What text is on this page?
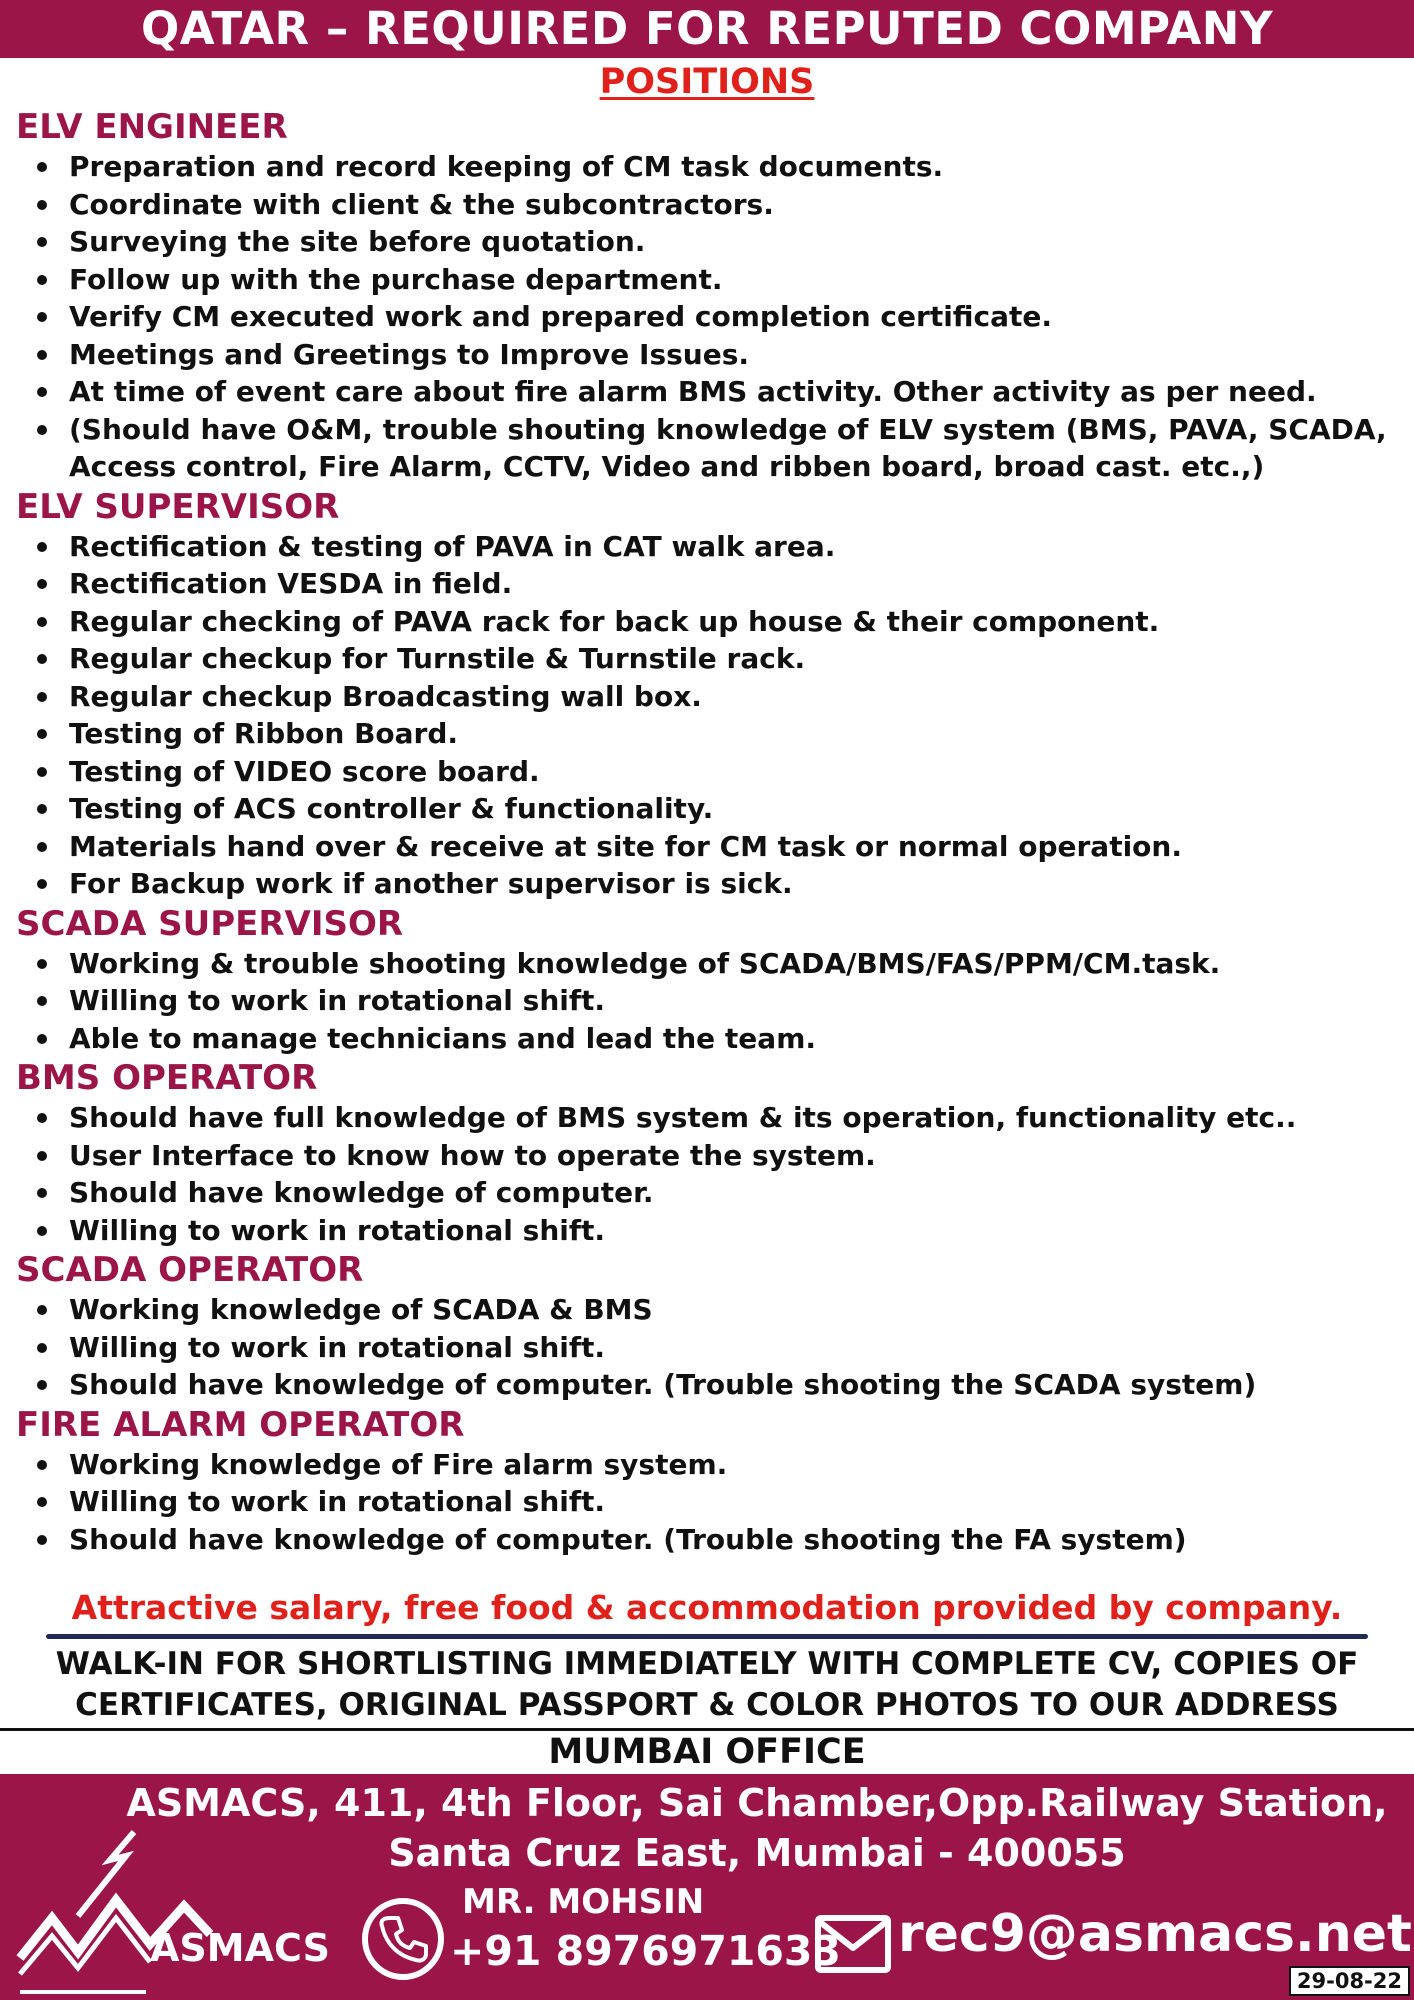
QATAR – REQUIRED FOR REPUTED COMPANY
POSITIONS
ELV ENGINEER
Preparation and record keeping of CM task documents.
Coordinate with client & the subcontractors.
Surveying the site before quotation.
Follow up with the purchase department.
Verify CM executed work and prepared completion certificate.
Meetings and Greetings to Improve Issues.
At time of event care about fire alarm BMS activity. Other activity as per need.
(Should have O&M, trouble shouting knowledge of ELV system (BMS, PAVA, SCADA, Access control, Fire Alarm, CCTV, Video and ribben board, broad cast. etc.,)
ELV SUPERVISOR
Rectification & testing of PAVA in CAT walk area.
Rectification VESDA in field.
Regular checking of PAVA rack for back up house & their component.
Regular checkup for Turnstile & Turnstile rack.
Regular checkup Broadcasting wall box.
Testing of Ribbon Board.
Testing of VIDEO score board.
Testing of ACS controller & functionality.
Materials hand over & receive at site for CM task or normal operation.
For Backup work if another supervisor is sick.
SCADA SUPERVISOR
Working & trouble shooting knowledge of SCADA/BMS/FAS/PPM/CM.task.
Willing to work in rotational shift.
Able to manage technicians and lead the team.
BMS OPERATOR
Should have full knowledge of BMS system & its operation, functionality etc..
User Interface to know how to operate the system.
Should have knowledge of computer.
Willing to work in rotational shift.
SCADA OPERATOR
Working knowledge of SCADA & BMS
Willing to work in rotational shift.
Should have knowledge of computer. (Trouble shooting the SCADA system)
FIRE ALARM OPERATOR
Working knowledge of Fire alarm system.
Willing to work in rotational shift.
Should have knowledge of computer. (Trouble shooting the FA system)
Attractive salary, free food & accommodation provided by company.
WALK-IN FOR SHORTLISTING IMMEDIATELY WITH COMPLETE CV, COPIES OF CERTIFICATES, ORIGINAL PASSPORT & COLOR PHOTOS TO OUR ADDRESS
MUMBAI OFFICE
ASMACS, 411, 4th Floor, Sai Chamber,Opp.Railway Station,
Santa Cruz East, Mumbai - 400055
ASMACS
MR. MOHSIN
+91 8976971633 rec9@asmacs.net
29-08-22
